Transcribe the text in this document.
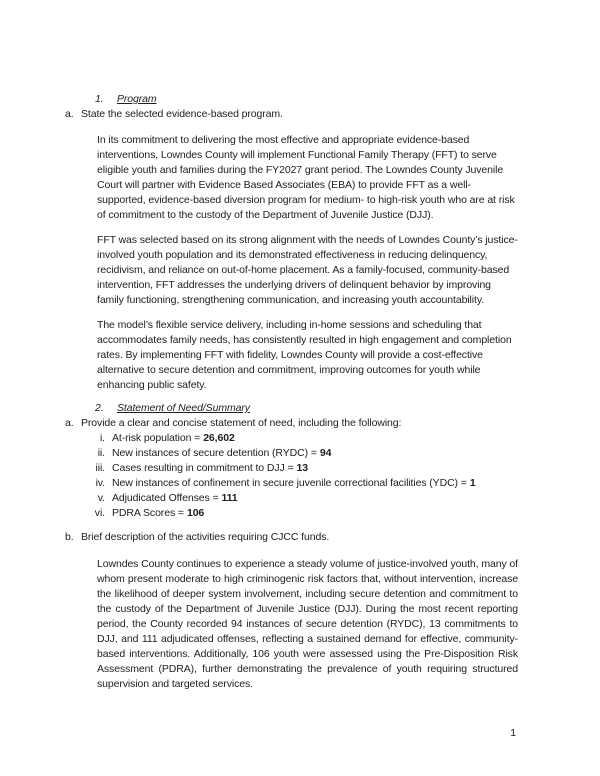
1. Program
a. State the selected evidence-based program.

In its commitment to delivering the most effective and appropriate evidence-based interventions, Lowndes County will implement Functional Family Therapy (FFT) to serve eligible youth and families during the FY2027 grant period. The Lowndes County Juvenile Court will partner with Evidence Based Associates (EBA) to provide FFT as a well-supported, evidence-based diversion program for medium- to high-risk youth who are at risk of commitment to the custody of the Department of Juvenile Justice (DJJ).

FFT was selected based on its strong alignment with the needs of Lowndes County’s justice-involved youth population and its demonstrated effectiveness in reducing delinquency, recidivism, and reliance on out-of-home placement. As a family-focused, community-based intervention, FFT addresses the underlying drivers of delinquent behavior by improving family functioning, strengthening communication, and increasing youth accountability.

The model’s flexible service delivery, including in-home sessions and scheduling that accommodates family needs, has consistently resulted in high engagement and completion rates. By implementing FFT with fidelity, Lowndes County will provide a cost-effective alternative to secure detention and commitment, improving outcomes for youth while enhancing public safety.

2. Statement of Need/Summary
a. Provide a clear and concise statement of need, including the following:
i. At-risk population = 26,602
ii. New instances of secure detention (RYDC) = 94
iii. Cases resulting in commitment to DJJ = 13
iv. New instances of confinement in secure juvenile correctional facilities (YDC) = 1
v. Adjudicated Offenses = 111
vi. PDRA Scores = 106
b. Brief description of the activities requiring CJCC funds.

Lowndes County continues to experience a steady volume of justice-involved youth, many of whom present moderate to high criminogenic risk factors that, without intervention, increase the likelihood of deeper system involvement, including secure detention and commitment to the custody of the Department of Juvenile Justice (DJJ). During the most recent reporting period, the County recorded 94 instances of secure detention (RYDC), 13 commitments to DJJ, and 111 adjudicated offenses, reflecting a sustained demand for effective, community-based interventions. Additionally, 106 youth were assessed using the Pre-Disposition Risk Assessment (PDRA), further demonstrating the prevalence of youth requiring structured supervision and targeted services.

1
